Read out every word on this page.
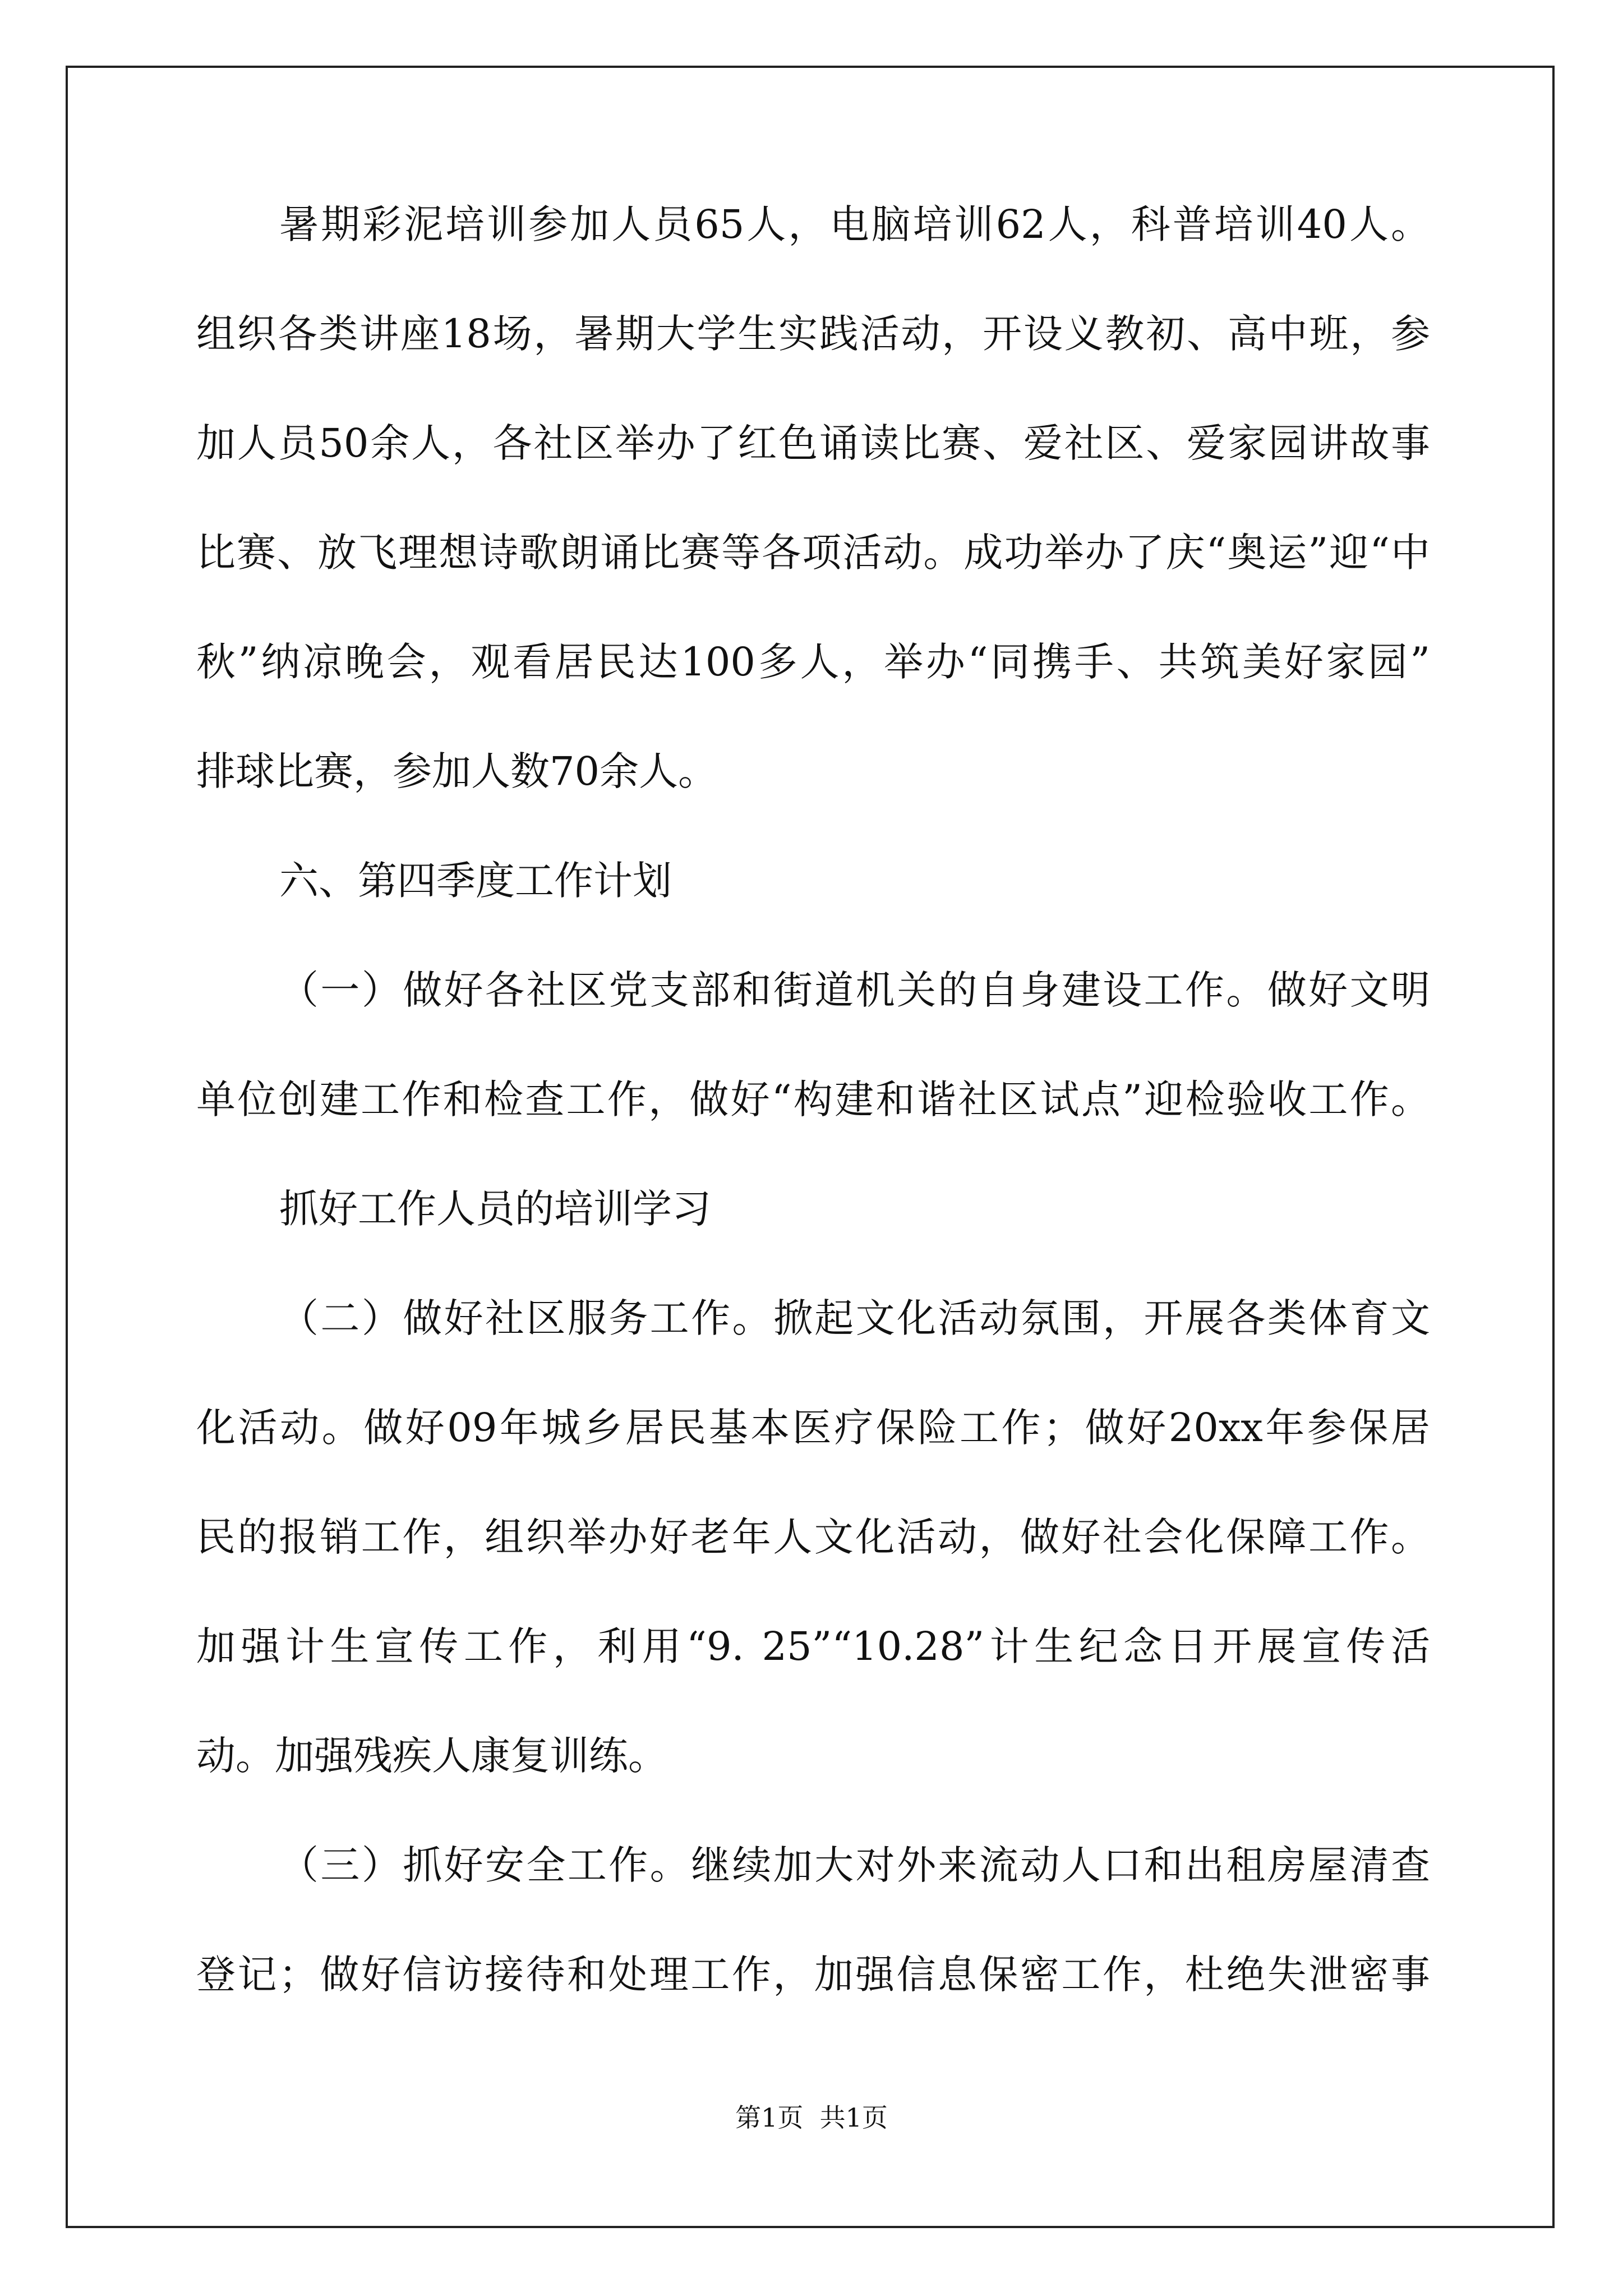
暑期彩泥培训参加人员65人，电脑培训62人，科普培训40人。
组织各类讲座18场，暑期大学生实践活动，开设义教初、高中班，参
加人员50余人，各社区举办了红色诵读比赛、爱社区、爱家园讲故事
比赛、放飞理想诗歌朗诵比赛等各项活动。成功举办了庆“奥运”迎“中
秋”纳凉晚会，观看居民达100多人，举办“同携手、共筑美好家园”
排球比赛，参加人数70余人。
六、第四季度工作计划
（一）做好各社区党支部和街道机关的自身建设工作。做好文明
单位创建工作和检查工作，做好“构建和谐社区试点”迎检验收工作。
抓好工作人员的培训学习
（二）做好社区服务工作。掀起文化活动氛围，开展各类体育文
化活动。做好09年城乡居民基本医疗保险工作；做好20xx年参保居
民的报销工作，组织举办好老年人文化活动，做好社会化保障工作。
加强计生宣传工作，利用“9. 25”“10.28”计生纪念日开展宣传活
动。加强残疾人康复训练。
（三）抓好安全工作。继续加大对外来流动人口和出租房屋清查
登记；做好信访接待和处理工作，加强信息保密工作，杜绝失泄密事
第1页  共1页
